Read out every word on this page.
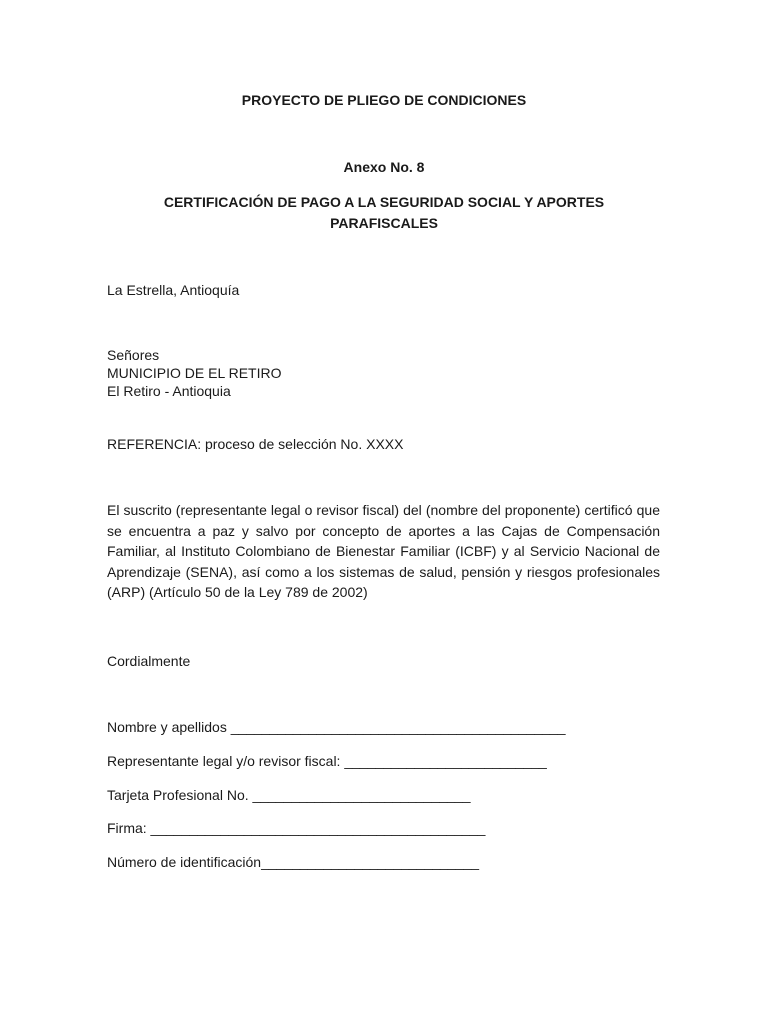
PROYECTO DE PLIEGO DE CONDICIONES
Anexo No. 8
CERTIFICACIÓN DE PAGO A LA SEGURIDAD SOCIAL Y APORTES
PARAFISCALES
La Estrella, Antioquía
Señores
MUNICIPIO DE EL RETIRO
El Retiro - Antioquia
REFERENCIA: proceso de selección No. XXXX
El suscrito (representante legal o revisor fiscal) del (nombre del proponente) certificó que se encuentra a paz y salvo por concepto de aportes a las Cajas de Compensación Familiar, al Instituto Colombiano de Bienestar Familiar (ICBF) y al Servicio Nacional de Aprendizaje (SENA), así como a los sistemas de salud, pensión y riesgos profesionales (ARP) (Artículo 50 de la Ley 789 de 2002)
Cordialmente
Nombre y apellidos ___________________________________________
Representante legal y/o revisor fiscal: __________________________
Tarjeta Profesional No. ____________________________
Firma: ___________________________________________
Número de identificación____________________________
